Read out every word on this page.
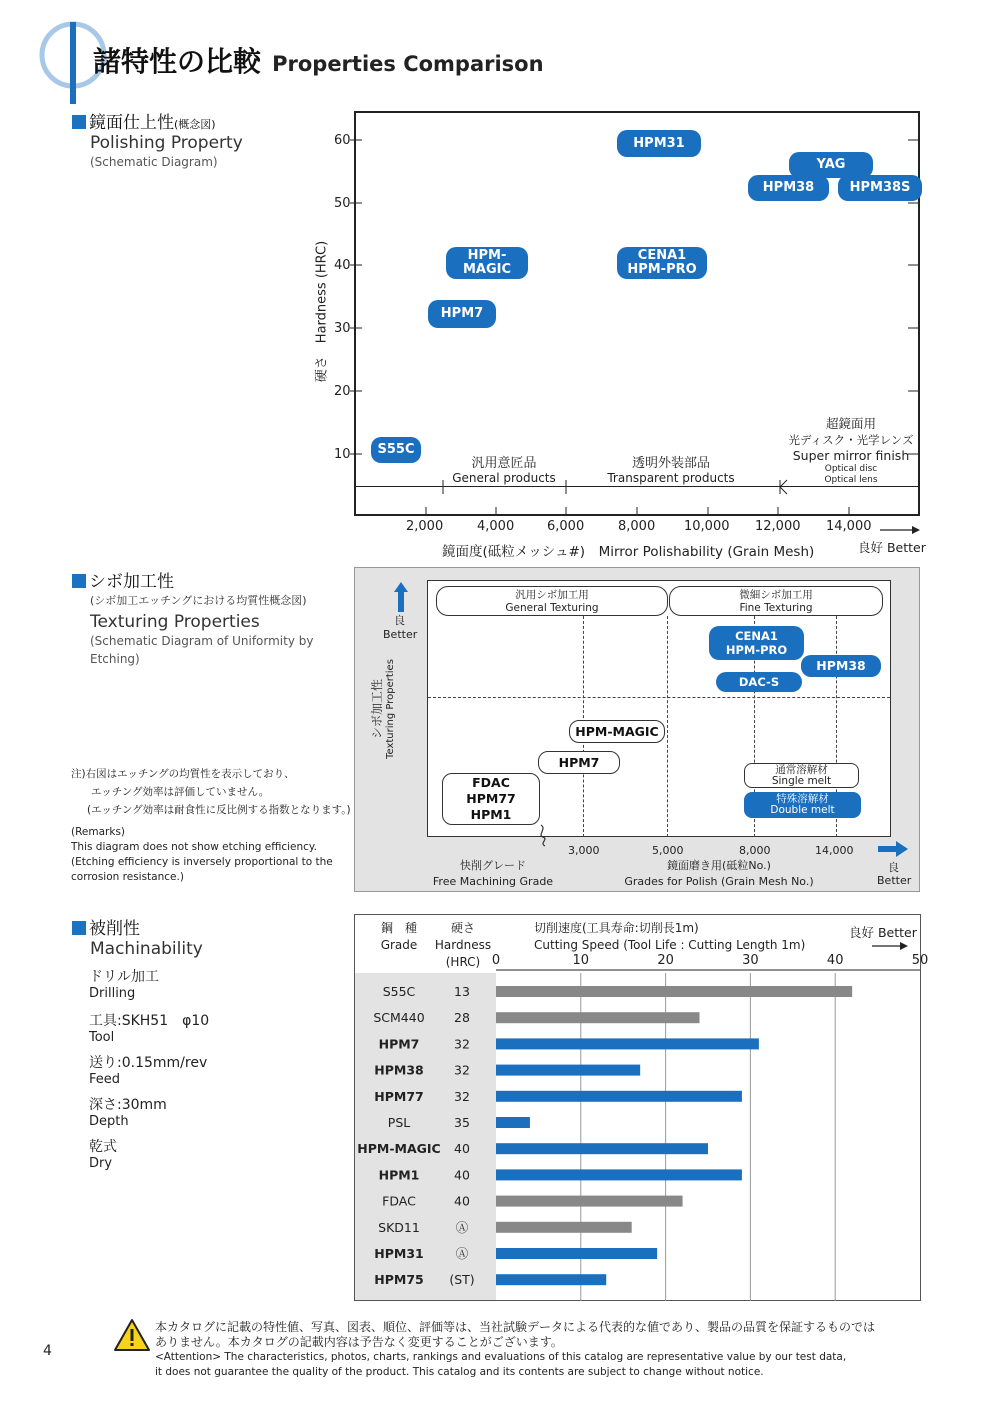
諸特性の比較 Properties Comparison
鏡面仕上性(概念図)
Polishing Property
(Schematic Diagram)
60
50
40
30
20
10
硬さ　Hardness (HRC)
2,000	4,000	6,000	8,000 10,000 12,000 14,000
鏡面度(砥粒メッシュ#)　 Mirror Polishability (Grain Mesh)	良好 Better
汎用意匠品
General products
透明外装部品
Transparent products
超鏡面用
光ディスク・光学レンズ
Super mirror finish
Optical disc
Optical lens
S55C
HPM7
HPM-
MAGIC
CENA1
HPM-PRO
HPM31
YAG
HPM38	HPM38S
シボ加工性
(シボ加工エッチングにおける均質性概念図)
Texturing Properties
(Schematic Diagram of Uniformity by
Etching)
注)右図はエッチングの均質性を表示しており、
エッチング効率は評価していません。
(エッチング効率は耐食性に反比例する指数となります。)
(Remarks)
This diagram does not show etching efficiency.
(Etching efficiency is inversely proportional to the
corrosion resistance.)
良
Better
シボ加工性 Texturing Properties
良
Better
汎用シボ加工用
General Texturing
微細シボ加工用
Fine Texturing
CENA1
HPM-PRO
HPM38
DAC-S
HPM-MAGIC
HPM7
FDAC
HPM77
HPM1
通常溶解材
Single melt
特殊溶解材
Double melt
3,000	5,000	8,000	14,000
快削グレード
Free Machining Grade
鏡面磨き用(砥粒No.)
Grades for Polish (Grain Mesh No.)
被削性
Machinability
ドリル加工
Drilling
工具:SKH51　φ10
Tool
送り:0.15mm/rev
Feed
深さ:30mm
Depth
乾式
Dry
鋼　種
Grade
硬さ
Hardness
(HRC)
切削速度(工具寿命:切削長1m)
Cutting Speed (Tool Life : Cutting Length 1m)
良好 Better
0	10	20	30	40	50
S55C	13
SCM440 28
HPM7	32
HPM38 32
HPM77 32
PSL	35
HPM-MAGIC 40
HPM1	40
FDAC	40
SKD11	Ⓐ
HPM31	Ⓐ
HPM75 (ST)
本カタログに記載の特性値、写真、図表、順位、評価等は、当社試験データによる代表的な値であり、製品の品質を保証するものでは
ありません。本カタログの記載内容は予告なく変更することがございます。
<Attention> The characteristics, photos, charts, rankings and evaluations of this catalog are representative value by our test data,
it does not guarantee the quality of the product. This catalog and its contents are subject to change without notice.
4
